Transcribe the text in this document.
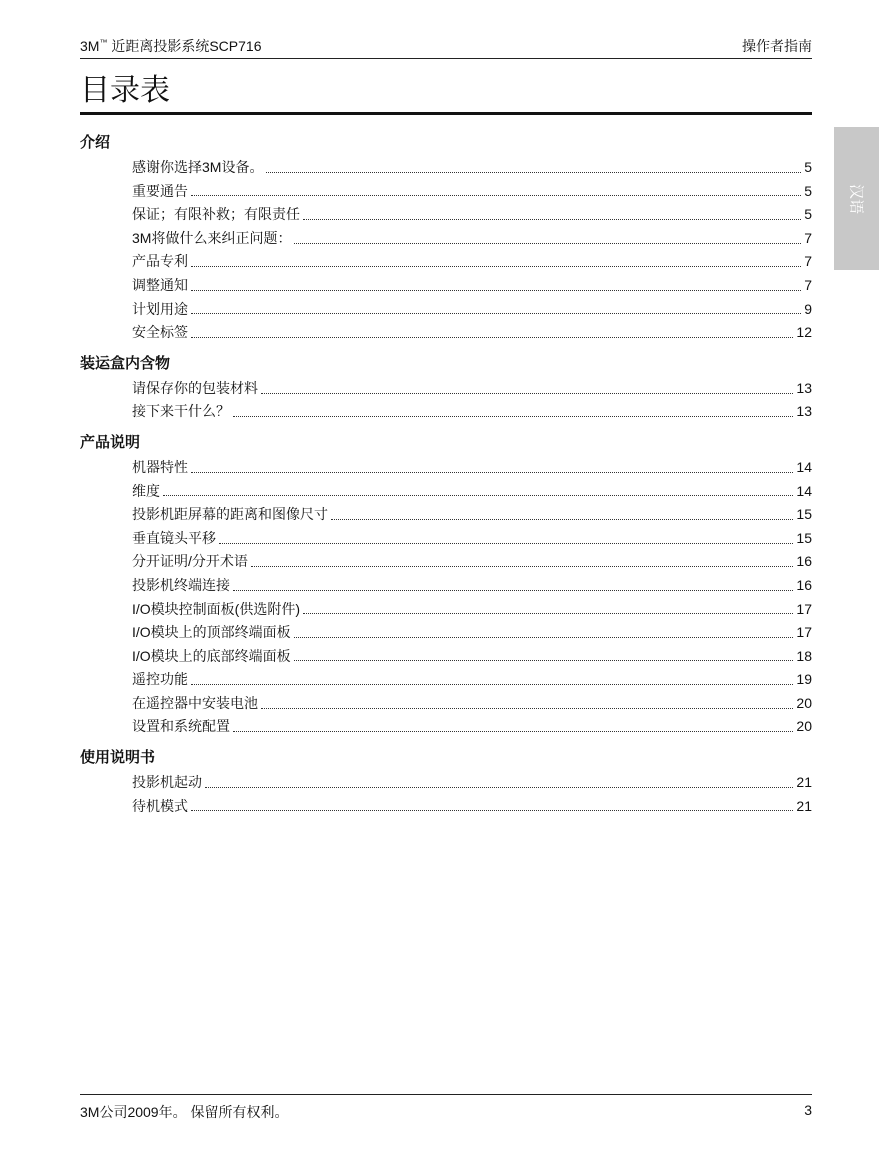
3M™ 近距离投影系统SCP716	操作者指南
目录表
汉语
介绍
感谢你选择3M设备。	5
重要通告	5
保证；有限补救；有限责任	5
3M将做什么来纠正问题：	7
产品专利	7
调整通知	7
计划用途	9
安全标签	12
装运盒内含物
请保存你的包装材料	13
接下来干什么？	13
产品说明
机器特性	14
维度	14
投影机距屏幕的距离和图像尺寸	15
垂直镜头平移	15
分开证明/分开术语	16
投影机终端连接	16
I/O模块控制面板(供选附件)	17
I/O模块上的顶部终端面板	17
I/O模块上的底部终端面板	18
遥控功能	19
在遥控器中安装电池	20
设置和系统配置	20
使用说明书
投影机起动	21
待机模式	21
3M公司2009年。 保留所有权利。	3
